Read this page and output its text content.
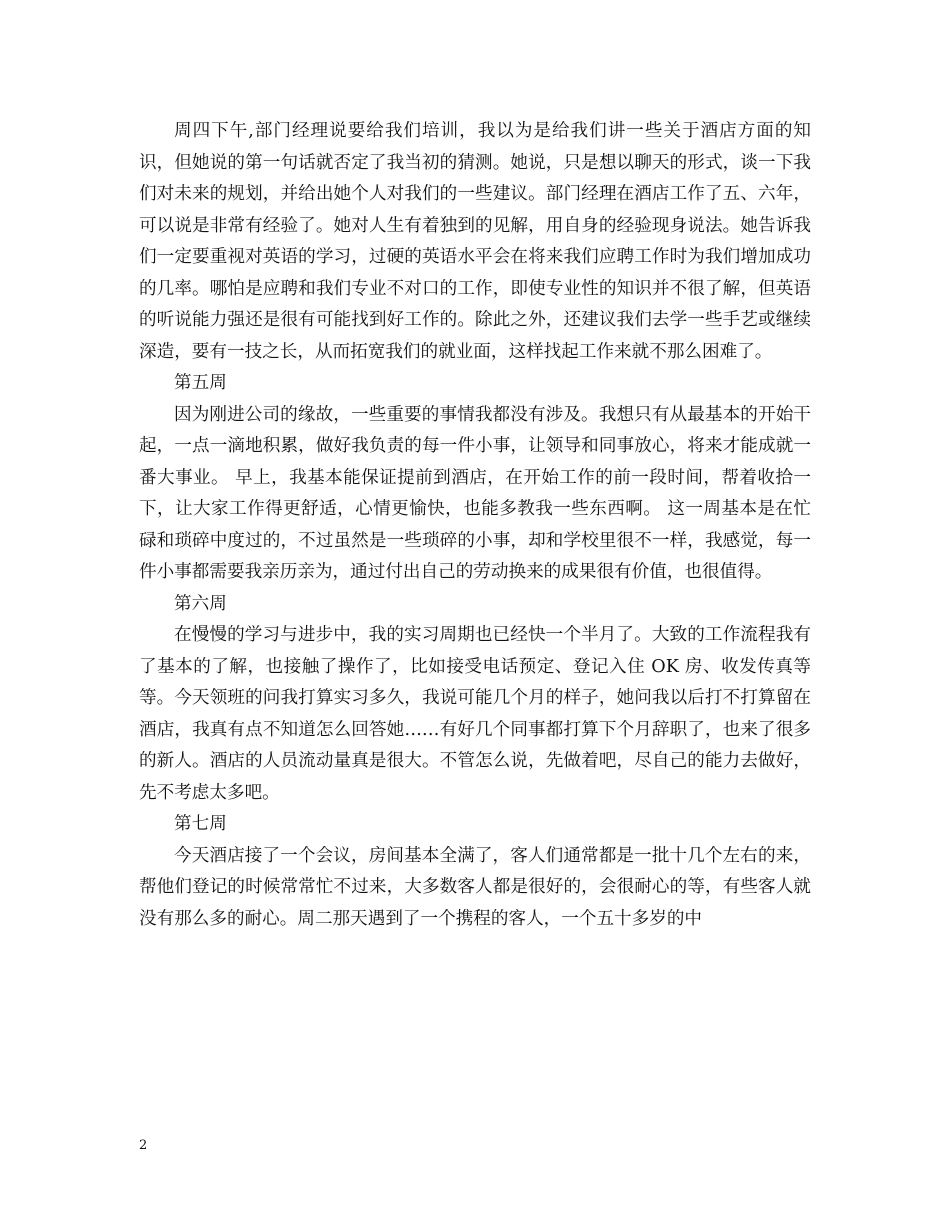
周四下午,部门经理说要给我们培训，我以为是给我们讲一些关于酒店方面的知识，但她说的第一句话就否定了我当初的猜测。她说，只是想以聊天的形式，谈一下我们对未来的规划，并给出她个人对我们的一些建议。部门经理在酒店工作了五、六年，可以说是非常有经验了。她对人生有着独到的见解，用自身的经验现身说法。她告诉我们一定要重视对英语的学习，过硬的英语水平会在将来我们应聘工作时为我们增加成功的几率。哪怕是应聘和我们专业不对口的工作，即使专业性的知识并不很了解，但英语的听说能力强还是很有可能找到好工作的。除此之外，还建议我们去学一些手艺或继续深造，要有一技之长，从而拓宽我们的就业面，这样找起工作来就不那么困难了。

第五周

因为刚进公司的缘故，一些重要的事情我都没有涉及。我想只有从最基本的开始干起，一点一滴地积累，做好我负责的每一件小事，让领导和同事放心，将来才能成就一番大事业。 早上，我基本能保证提前到酒店，在开始工作的前一段时间，帮着收拾一下，让大家工作得更舒适，心情更愉快，也能多教我一些东西啊。 这一周基本是在忙碌和琐碎中度过的，不过虽然是一些琐碎的小事，却和学校里很不一样，我感觉，每一件小事都需要我亲历亲为，通过付出自己的劳动换来的成果很有价值，也很值得。

第六周

在慢慢的学习与进步中，我的实习周期也已经快一个半月了。大致的工作流程我有了基本的了解，也接触了操作了，比如接受电话预定、登记入住 OK 房、收发传真等等。今天领班的问我打算实习多久，我说可能几个月的样子，她问我以后打不打算留在酒店，我真有点不知道怎么回答她……有好几个同事都打算下个月辞职了，也来了很多的新人。酒店的人员流动量真是很大。不管怎么说，先做着吧，尽自己的能力去做好，先不考虑太多吧。

第七周

今天酒店接了一个会议，房间基本全满了，客人们通常都是一批十几个左右的来，帮他们登记的时候常常忙不过来，大多数客人都是很好的，会很耐心的等，有些客人就没有那么多的耐心。周二那天遇到了一个携程的客人，一个五十多岁的中

2
